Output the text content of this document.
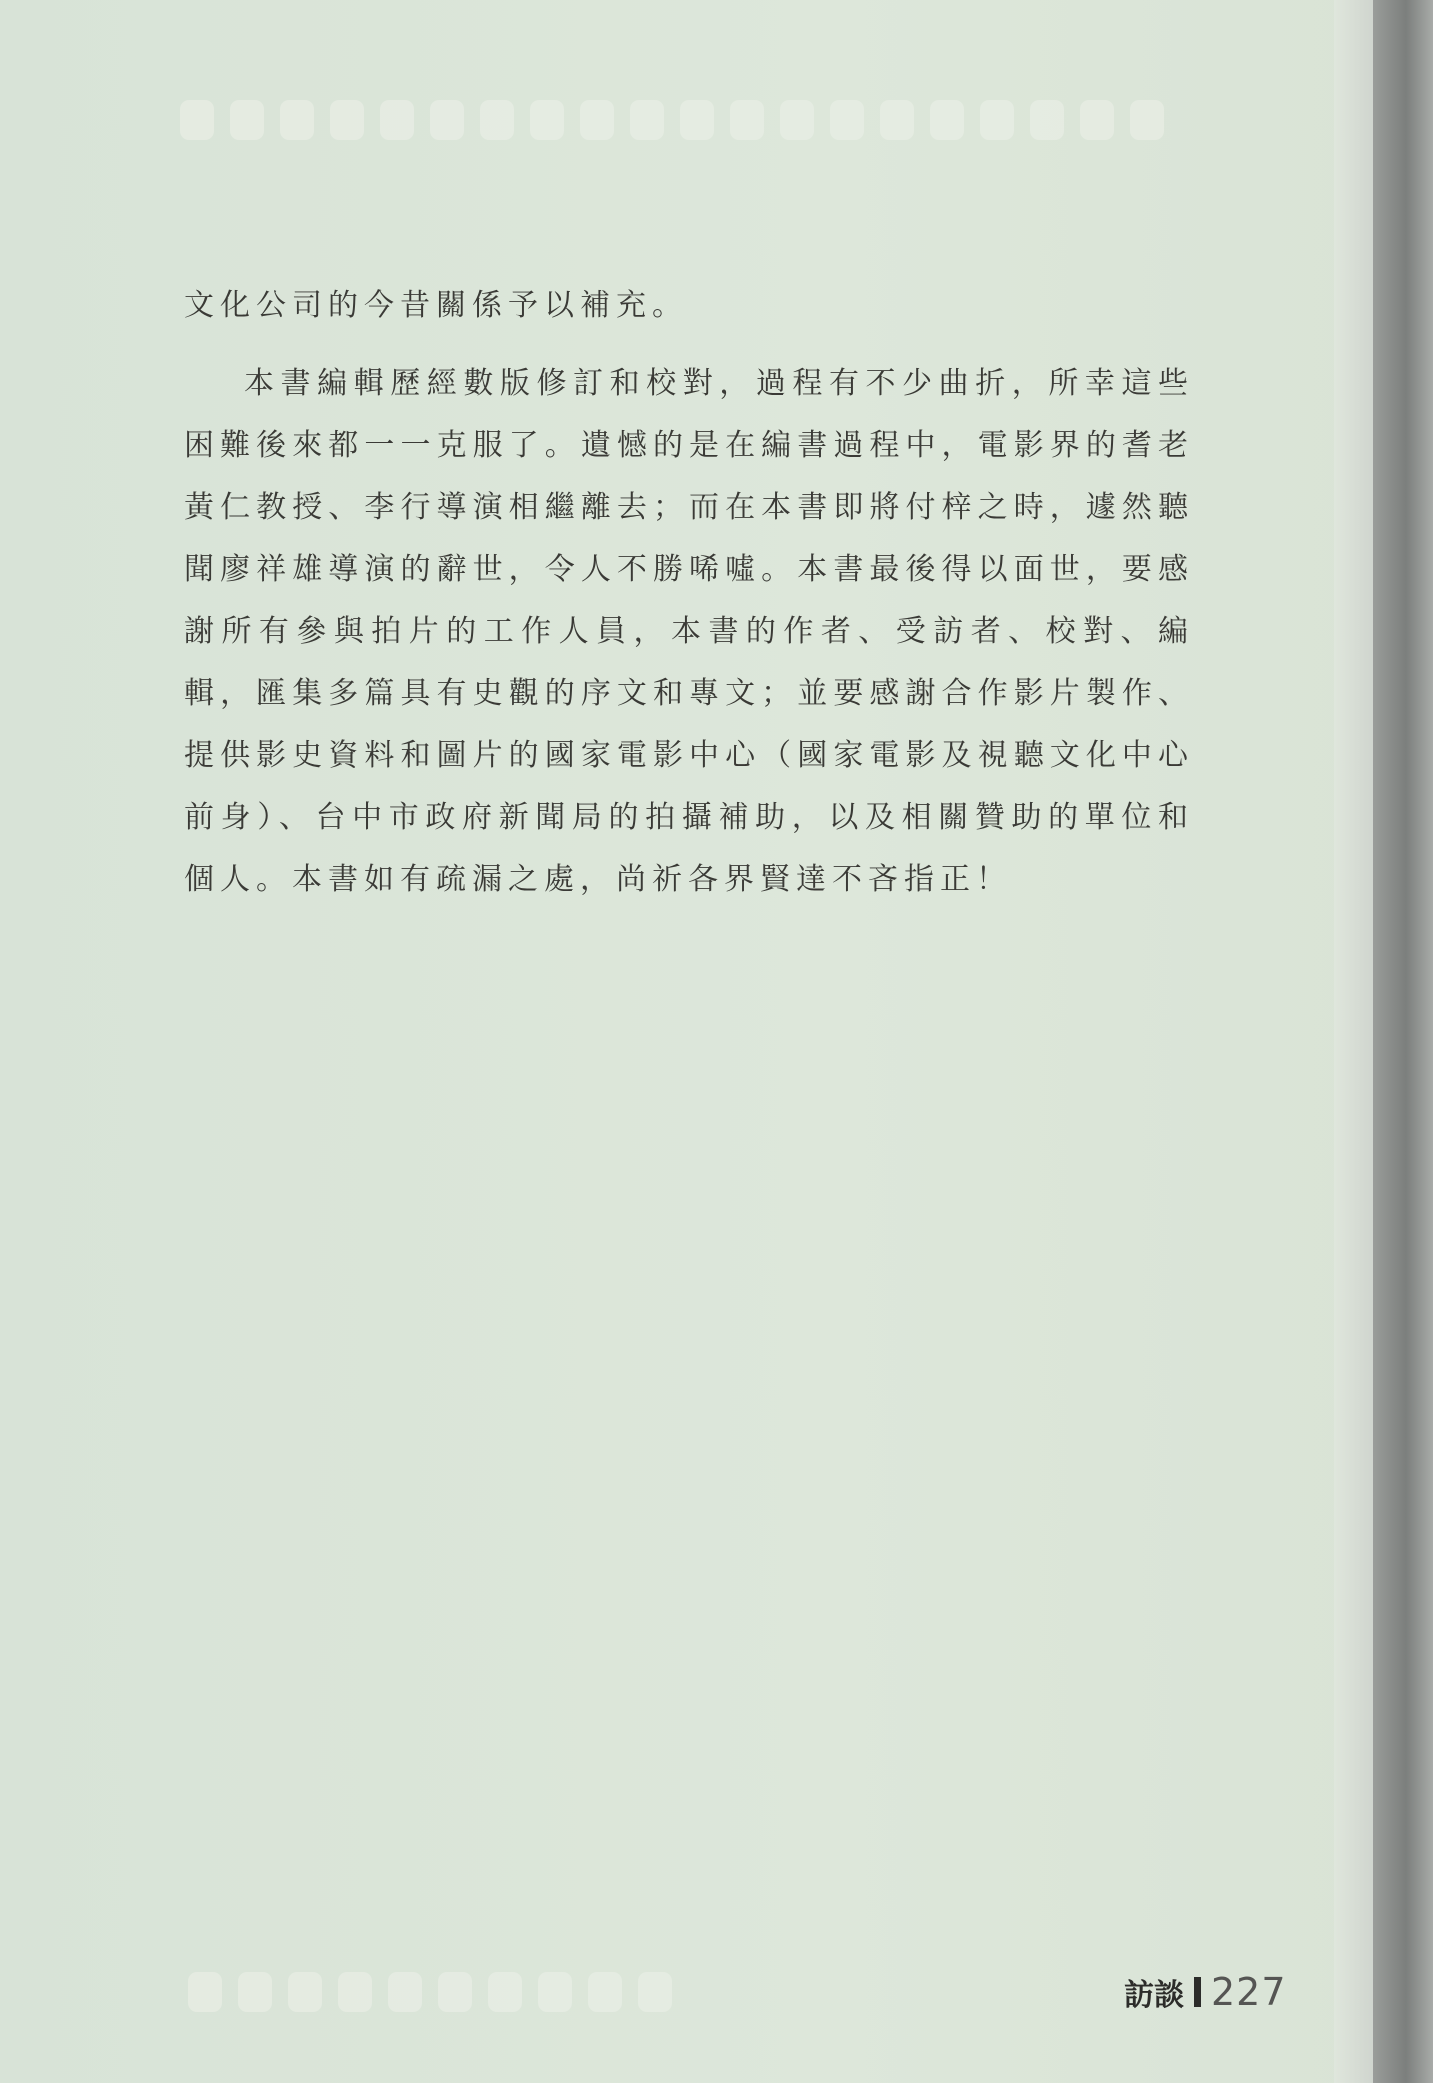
文化公司的今昔關係予以補充。

本書編輯歷經數版修訂和校對，過程有不少曲折，所幸這些困難後來都一一克服了。遺憾的是在編書過程中，電影界的耆老黃仁教授、李行導演相繼離去；而在本書即將付梓之時，遽然聽聞廖祥雄導演的辭世，令人不勝唏噓。本書最後得以面世，要感謝所有參與拍片的工作人員，本書的作者、受訪者、校對、編輯，匯集多篇具有史觀的序文和專文；並要感謝合作影片製作、提供影史資料和圖片的國家電影中心（國家電影及視聽文化中心前身）、台中市政府新聞局的拍攝補助，以及相關贊助的單位和個人。本書如有疏漏之處，尚祈各界賢達不吝指正！

訪談 227
